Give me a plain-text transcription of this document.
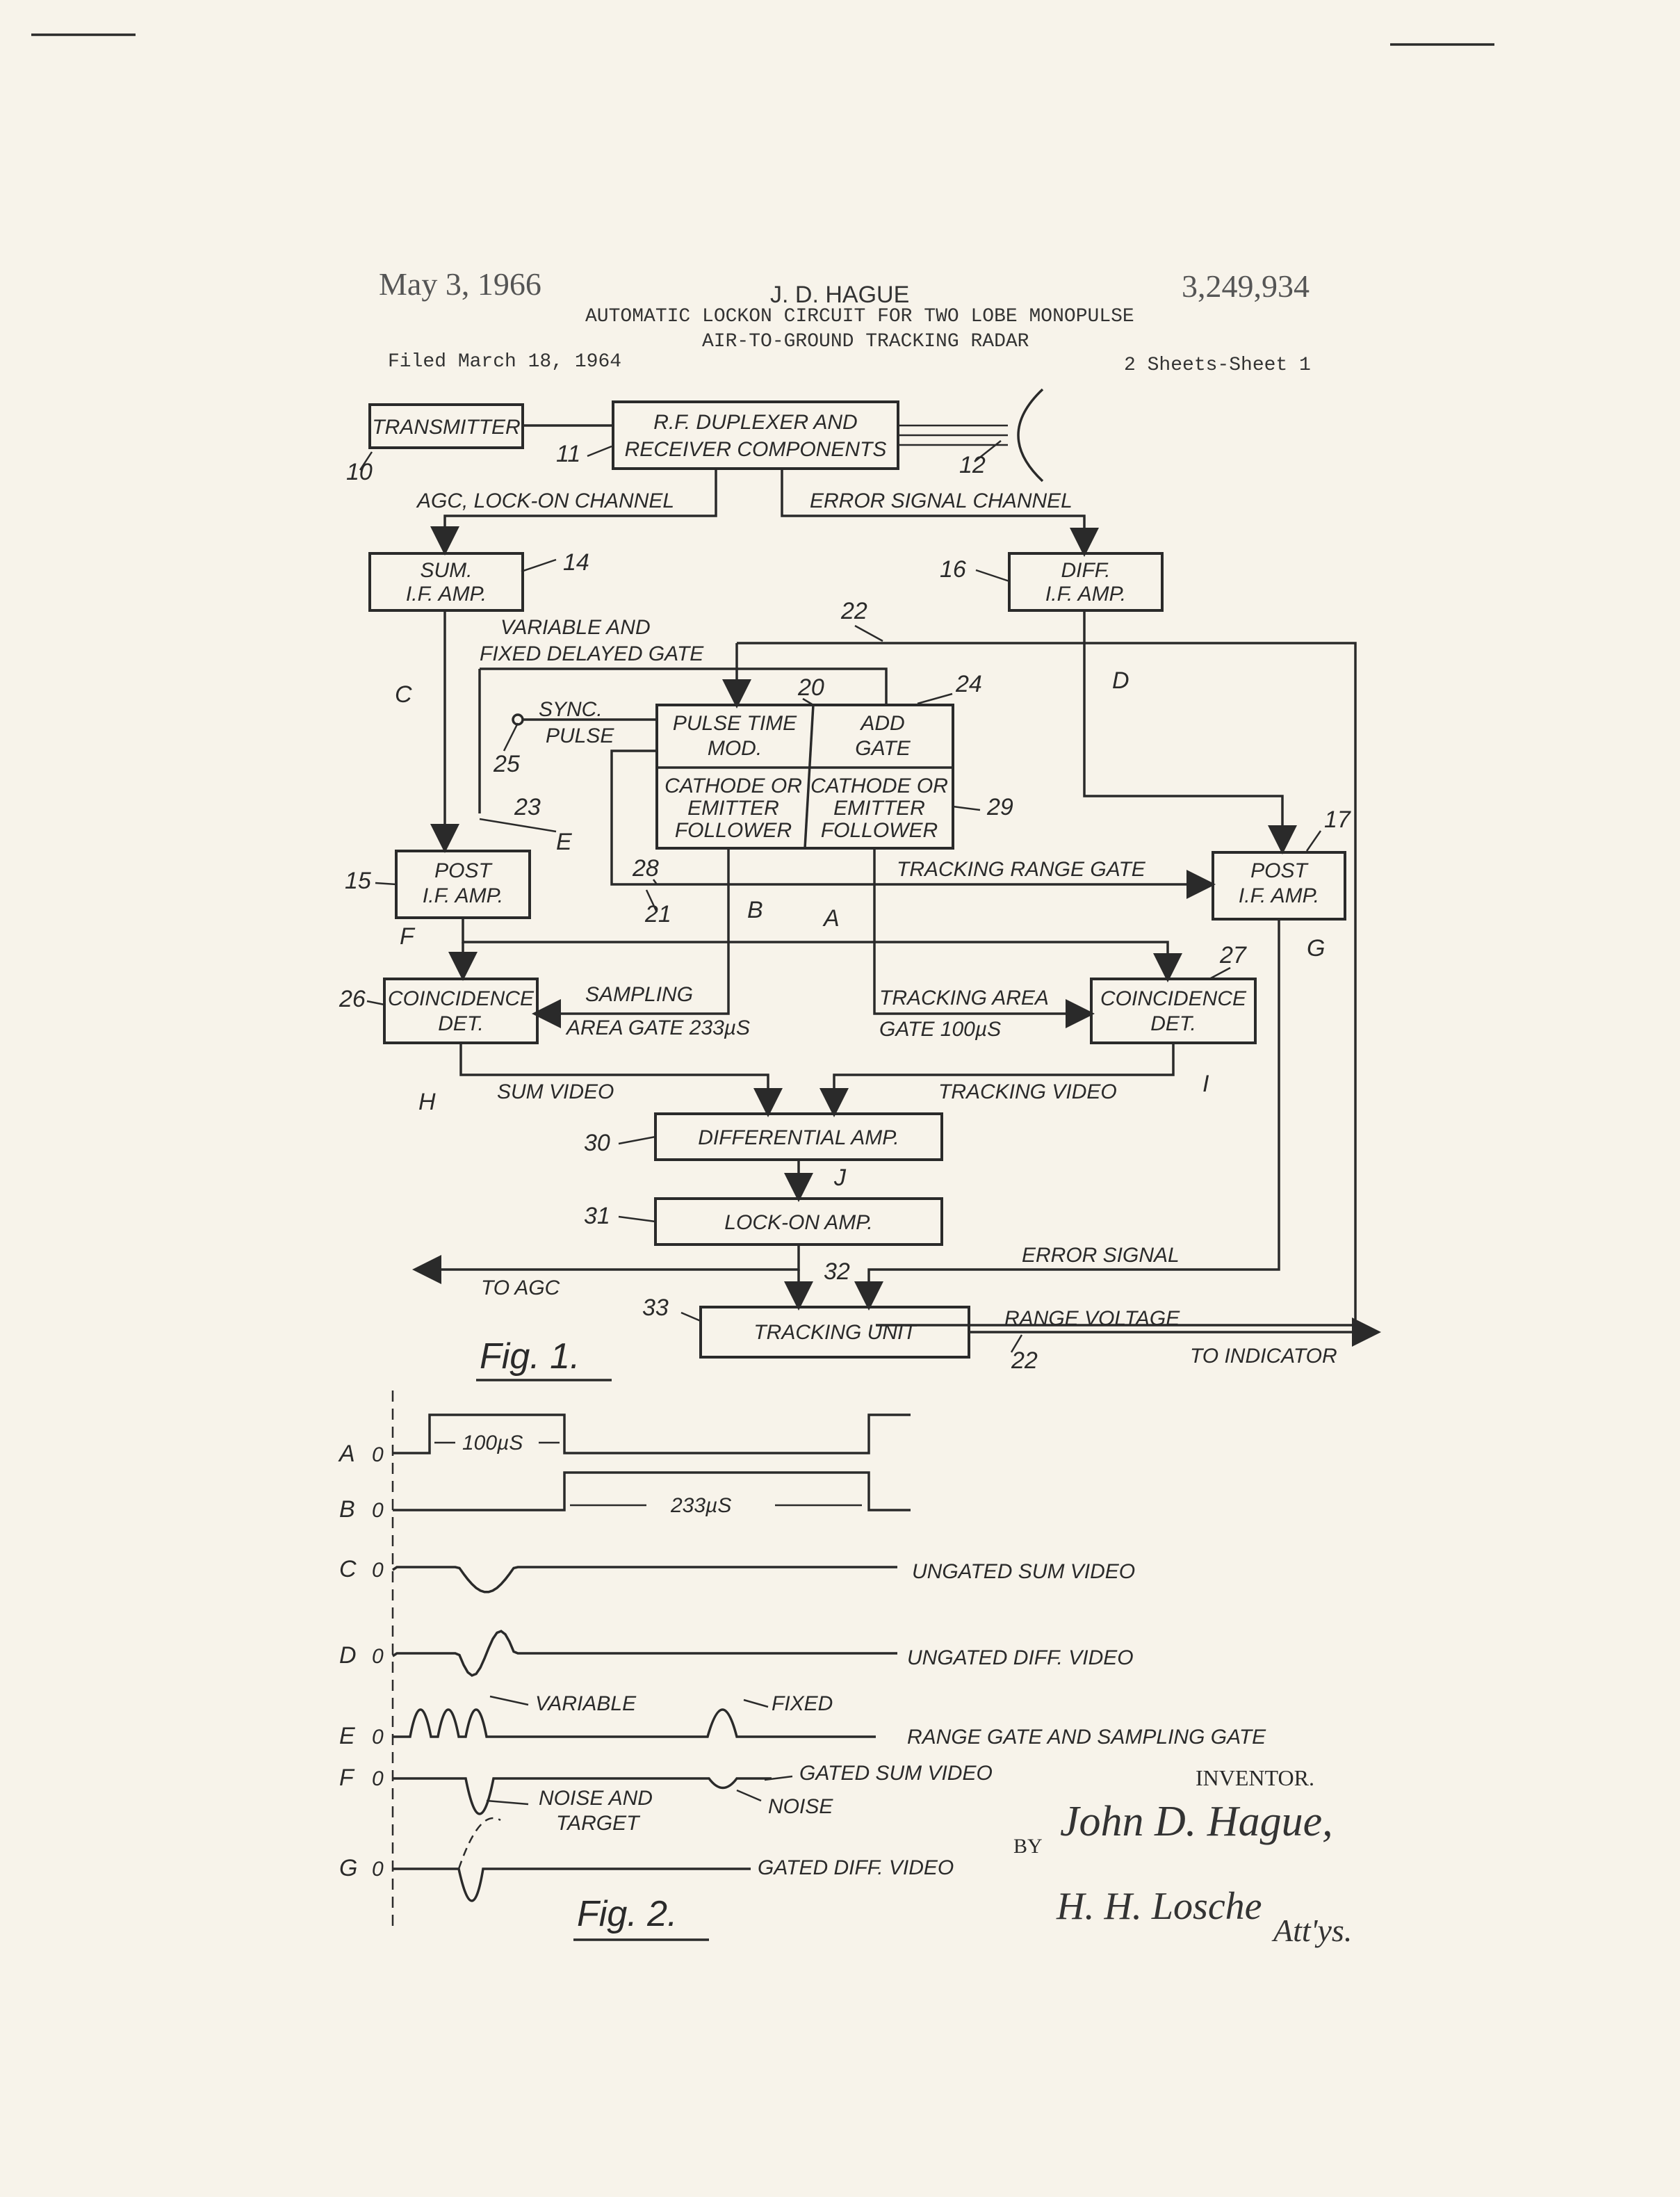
May 3, 1966	J. D. HAGUE	3,249,934
AUTOMATIC LOCKON CIRCUIT FOR TWO LOBE MONOPULSE
AIR-TO-GROUND TRACKING RADAR
Filed March 18, 1964	2 Sheets-Sheet 1
TRANSMITTER	R.F. DUPLEXER AND
RECEIVER COMPONENTS
AGC, LOCK-ON CHANNEL	ERROR SIGNAL CHANNEL
SUM.
I.F. AMP.
DIFF.
I.F. AMP.
VARIABLE AND
FIXED DELAYED GATE
PULSE TIME
MOD.
ADD
GATE
CATHODE OR
EMITTER
FOLLOWER
CATHODE OR
EMITTER
FOLLOWER
SYNC.
PULSE
TRACKING RANGE GATE
POST
I.F. AMP.
POST
I.F. AMP.
SAMPLING
AREA GATE 233µS
TRACKING AREA
GATE 100µS
COINCIDENCE
DET.
COINCIDENCE
DET.
SUM VIDEO	TRACKING VIDEO
DIFFERENTIAL AMP.
LOCK-ON AMP.
ERROR SIGNAL
TO AGC
TRACKING UNIT
RANGE VOLTAGE
TO INDICATOR
10
11	12
14	16
22
20	24
25
23	29
28
15
17
21
27
26
30
31
32
33
22
C
D
E
F	G
H
I
J
A
B
Fig. 1.
A 0
100µS
B 0	233µS
C 0	UNGATED SUM VIDEO
D 0	UNGATED DIFF. VIDEO
E 0
VARIABLE	FIXED
RANGE GATE AND SAMPLING GATE
F 0
NOISE AND
TARGET
GATED SUM VIDEO
NOISE
G 0	GATED DIFF. VIDEO
Fig. 2.
INVENTOR.
John D. Hague,
BY
H. H. Losche
Att'ys.
